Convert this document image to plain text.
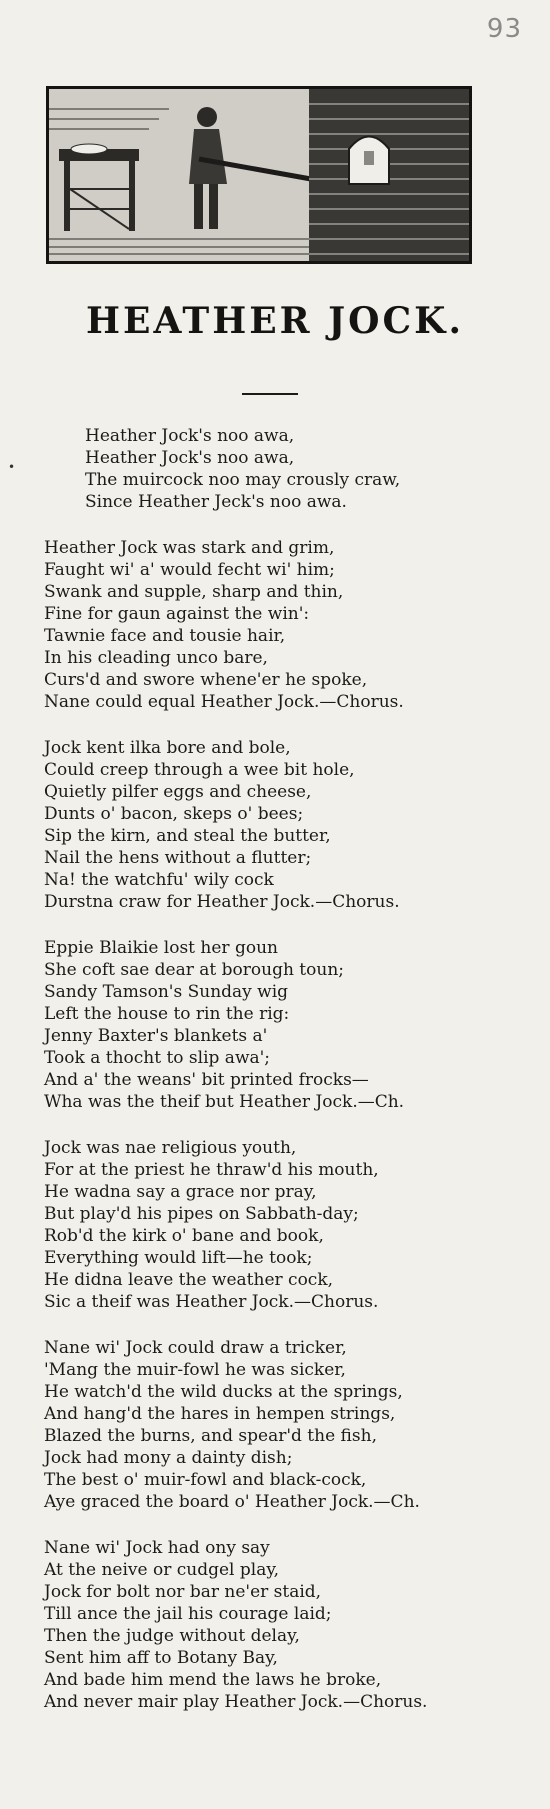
93
HEATHER JOCK.
•
Heather Jock's noo awa,
Heather Jock's noo awa,
The muircock noo may crously craw,
Since Heather Jeck's noo awa.
Heather Jock was stark and grim,
Faught wi' a' would fecht wi' him;
Swank and supple, sharp and thin,
Fine for gaun against the win':
Tawnie face and tousie hair,
In his cleading unco bare,
Curs'd and swore whene'er he spoke,
Nane could equal Heather Jock.—Chorus.
Jock kent ilka bore and bole,
Could creep through a wee bit hole,
Quietly pilfer eggs and cheese,
Dunts o' bacon, skeps o' bees;
Sip the kirn, and steal the butter,
Nail the hens without a flutter;
Na! the watchfu' wily cock
Durstna craw for Heather Jock.—Chorus.
Eppie Blaikie lost her goun
She coft sae dear at borough toun;
Sandy Tamson's Sunday wig
Left the house to rin the rig:
Jenny Baxter's blankets a'
Took a thocht to slip awa';
And a' the weans' bit printed frocks—
Wha was the theif but Heather Jock.—Ch.
Jock was nae religious youth,
For at the priest he thraw'd his mouth,
He wadna say a grace nor pray,
But play'd his pipes on Sabbath-day;
Rob'd the kirk o' bane and book,
Everything would lift—he took;
He didna leave the weather cock,
Sic a theif was Heather Jock.—Chorus.
Nane wi' Jock could draw a tricker,
'Mang the muir-fowl he was sicker,
He watch'd the wild ducks at the springs,
And hang'd the hares in hempen strings,
Blazed the burns, and spear'd the fish,
Jock had mony a dainty dish;
The best o' muir-fowl and black-cock,
Aye graced the board o' Heather Jock.—Ch.
Nane wi' Jock had ony say
At the neive or cudgel play,
Jock for bolt nor bar ne'er staid,
Till ance the jail his courage laid;
Then the judge without delay,
Sent him aff to Botany Bay,
And bade him mend the laws he broke,
And never mair play Heather Jock.—Chorus.
